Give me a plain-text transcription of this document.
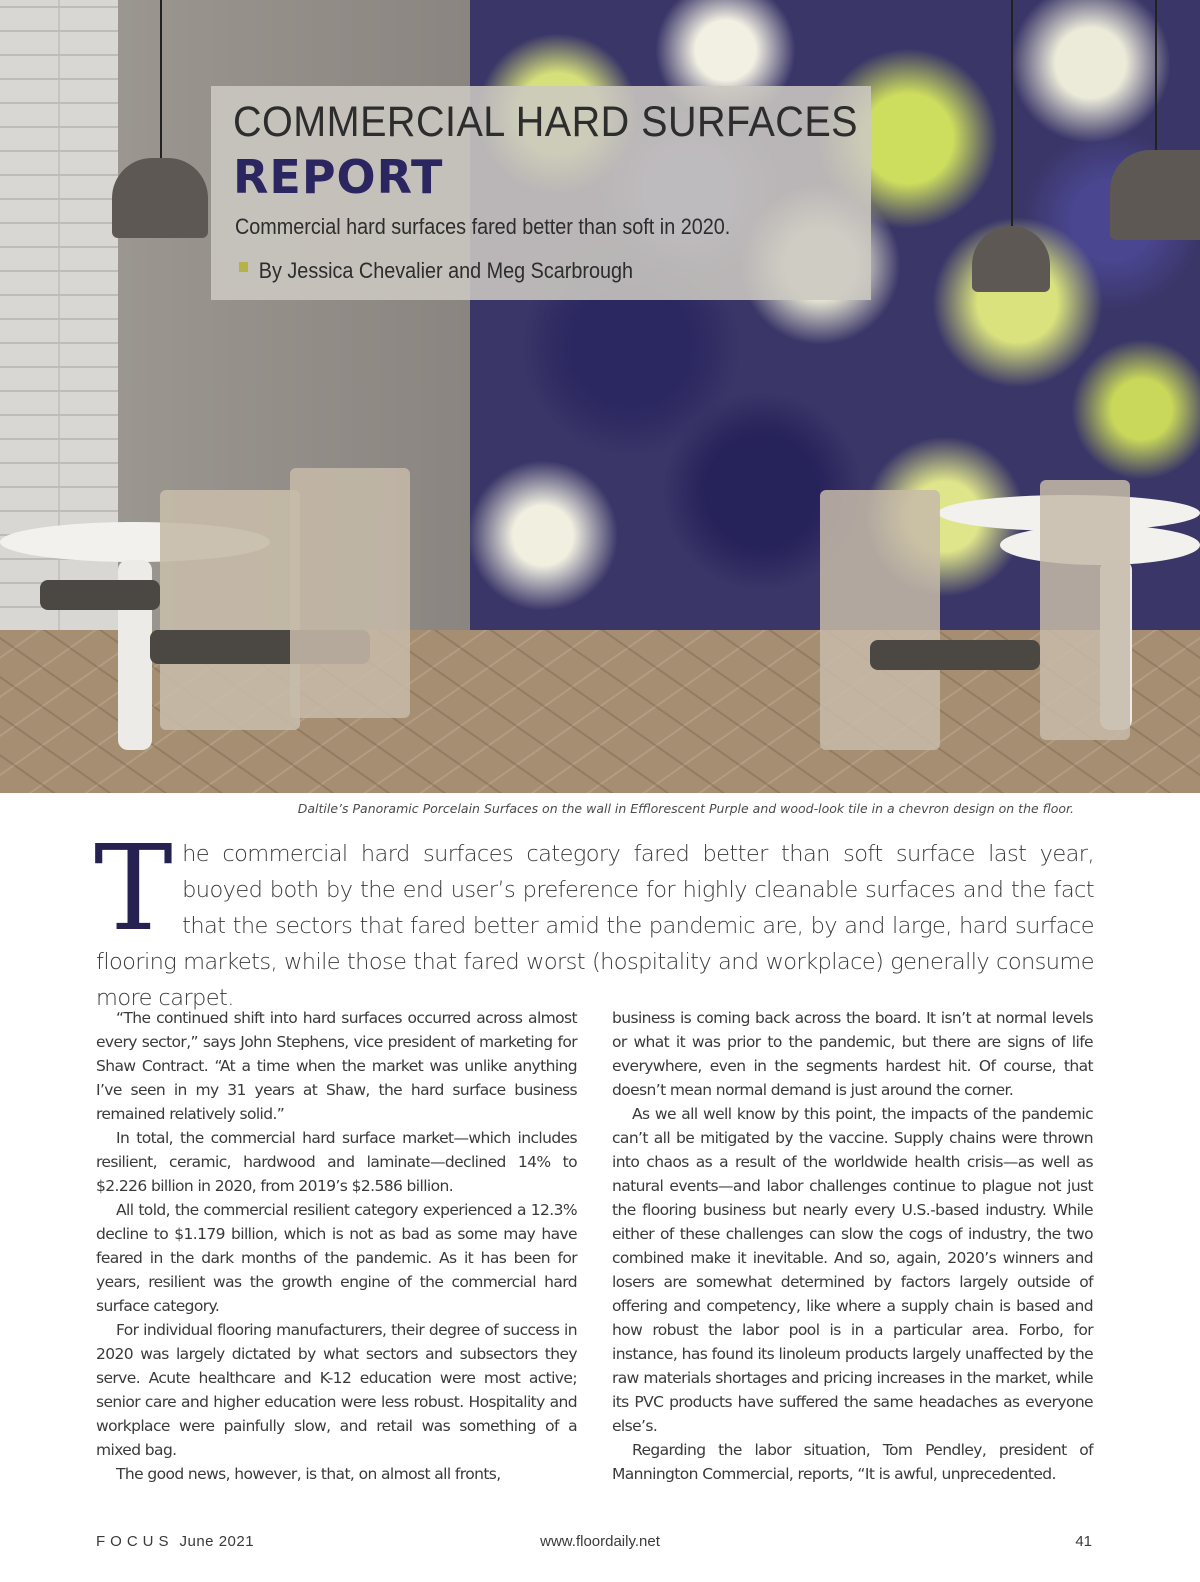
COMMERCIAL HARD SURFACES
REPORT

Commercial hard surfaces fared better than soft in 2020.

By Jessica Chevalier and Meg Scarbrough

Daltile’s Panoramic Porcelain Surfaces on the wall in Efflorescent Purple and wood-look tile in a chevron design on the floor.

The commercial hard surfaces category fared better than soft surface last year, buoyed both by the end user’s preference for highly cleanable surfaces and the fact that the sectors that fared better amid the pandemic are, by and large, hard surface flooring markets, while those that fared worst (hospitality and workplace) generally consume more carpet.

“The continued shift into hard surfaces occurred across almost every sector,” says John Stephens, vice president of marketing for Shaw Contract. “At a time when the market was unlike anything I’ve seen in my 31 years at Shaw, the hard surface business remained relatively solid.”

In total, the commercial hard surface market—which includes resilient, ceramic, hardwood and laminate—declined 14% to $2.226 billion in 2020, from 2019’s $2.586 billion.

All told, the commercial resilient category experienced a 12.3% decline to $1.179 billion, which is not as bad as some may have feared in the dark months of the pandemic. As it has been for years, resilient was the growth engine of the commercial hard surface category.

For individual flooring manufacturers, their degree of success in 2020 was largely dictated by what sectors and subsectors they serve. Acute healthcare and K-12 education were most active; senior care and higher education were less robust. Hospitality and workplace were painfully slow, and retail was something of a mixed bag.

The good news, however, is that, on almost all fronts,

business is coming back across the board. It isn’t at normal levels or what it was prior to the pandemic, but there are signs of life everywhere, even in the segments hardest hit. Of course, that doesn’t mean normal demand is just around the corner.

As we all well know by this point, the impacts of the pandemic can’t all be mitigated by the vaccine. Supply chains were thrown into chaos as a result of the worldwide health crisis—as well as natural events—and labor challenges continue to plague not just the flooring business but nearly every U.S.-based industry. While either of these challenges can slow the cogs of industry, the two combined make it inevitable. And so, again, 2020’s winners and losers are somewhat determined by factors largely outside of offering and competency, like where a supply chain is based and how robust the labor pool is in a particular area. Forbo, for instance, has found its linoleum products largely unaffected by the raw materials shortages and pricing increases in the market, while its PVC products have suffered the same headaches as everyone else’s.

Regarding the labor situation, Tom Pendley, president of Mannington Commercial, reports, “It is awful, unprecedented.

FOCUS June 2021	www.floordaily.net	41
